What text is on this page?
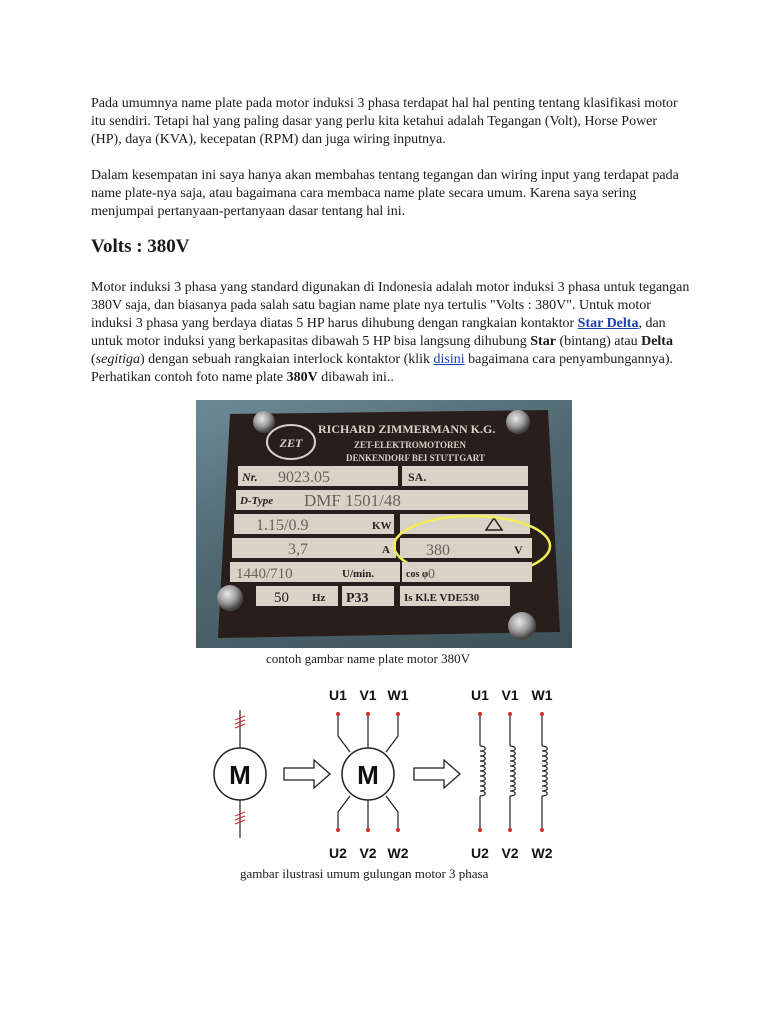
Pada umumnya name plate pada motor induksi 3 phasa terdapat hal hal penting tentang klasifikasi motor itu sendiri. Tetapi hal yang paling dasar yang perlu kita ketahui adalah Tegangan (Volt), Horse Power (HP), daya (KVA), kecepatan (RPM) dan juga wiring inputnya.

Dalam kesempatan ini saya hanya akan membahas tentang tegangan dan wiring input yang terdapat pada name plate-nya saja, atau bagaimana cara membaca name plate secara umum. Karena saya sering menjumpai pertanyaan-pertanyaan dasar tentang hal ini.

Volts : 380V

Motor induksi 3 phasa yang standard digunakan di Indonesia adalah motor induksi 3 phasa untuk tegangan 380V saja, dan biasanya pada salah satu bagian name plate nya tertulis "Volts : 380V". Untuk motor induksi 3 phasa yang berdaya diatas 5 HP harus dihubung dengan rangkaian kontaktor Star Delta, dan untuk motor induksi yang berkapasitas dibawah 5 HP bisa langsung dihubung Star (bintang) atau Delta (segitiga) dengan sebuah rangkaian interlock kontaktor (klik disini bagaimana cara penyambungannya). Perhatikan contoh foto name plate 380V dibawah ini..

ZET
RICHARD ZIMMERMANN K.G.
ZET-ELEKTROMOTOREN
DENKENDORF BEI STUTTGART
Nr. 9023.05	SA.
D-Type DMF 1501/48
1.15/0.9	KW
3,7	A 380	V
1440/710	U/min.	cos φ 0
50 Hz P33	Is Kl.E VDE530
contoh gambar name plate motor 380V
M	M
U1 V1 W1
U2 V2 W2
U1 V1 W1
U2 V2 W2
gambar ilustrasi umum gulungan motor 3 phasa
